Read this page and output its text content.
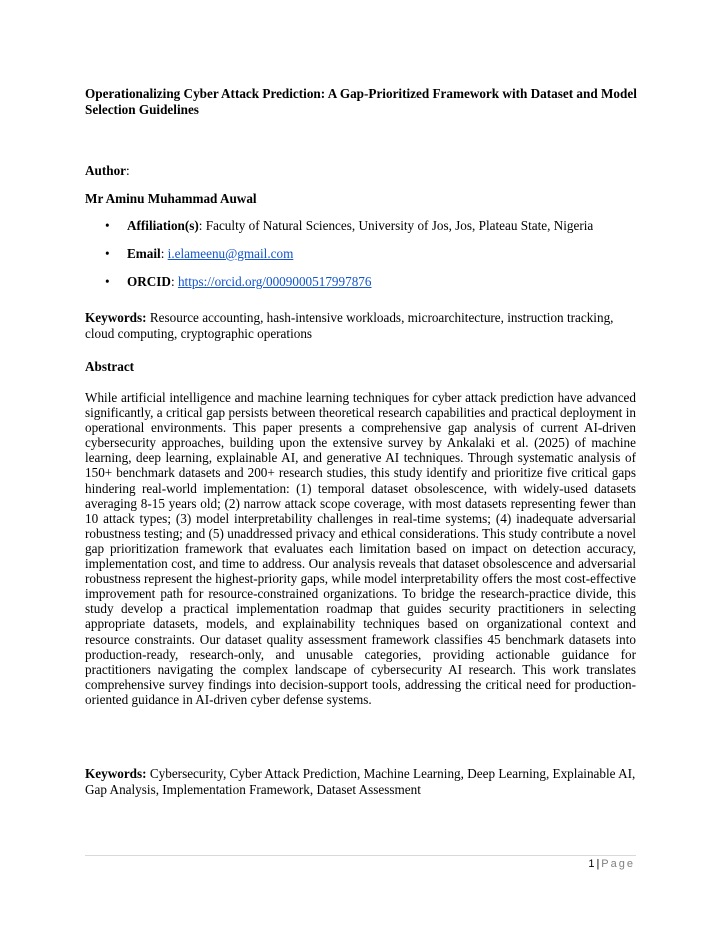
Operationalizing Cyber Attack Prediction: A Gap-Prioritized Framework with Dataset and Model Selection Guidelines
Author:
Mr Aminu Muhammad Auwal
• Affiliation(s): Faculty of Natural Sciences, University of Jos, Jos, Plateau State, Nigeria
• Email: i.elameenu@gmail.com
• ORCID: https://orcid.org/0009000517997876
Keywords: Resource accounting, hash-intensive workloads, microarchitecture, instruction tracking, cloud computing, cryptographic operations
Abstract

While artificial intelligence and machine learning techniques for cyber attack prediction have advanced significantly, a critical gap persists between theoretical research capabilities and practical deployment in operational environments. This paper presents a comprehensive gap analysis of current AI-driven cybersecurity approaches, building upon the extensive survey by Ankalaki et al. (2025) of machine learning, deep learning, explainable AI, and generative AI techniques. Through systematic analysis of 150+ benchmark datasets and 200+ research studies, this study identify and prioritize five critical gaps hindering real-world implementation: (1) temporal dataset obsolescence, with widely-used datasets averaging 8-15 years old; (2) narrow attack scope coverage, with most datasets representing fewer than 10 attack types; (3) model interpretability challenges in real-time systems; (4) inadequate adversarial robustness testing; and (5) unaddressed privacy and ethical considerations. This study contribute a novel gap prioritization framework that evaluates each limitation based on impact on detection accuracy, implementation cost, and time to address. Our analysis reveals that dataset obsolescence and adversarial robustness represent the highest-priority gaps, while model interpretability offers the most cost-effective improvement path for resource-constrained organizations. To bridge the research-practice divide, this study develop a practical implementation roadmap that guides security practitioners in selecting appropriate datasets, models, and explainability techniques based on organizational context and resource constraints. Our dataset quality assessment framework classifies 45 benchmark datasets into production-ready, research-only, and unusable categories, providing actionable guidance for practitioners navigating the complex landscape of cybersecurity AI research. This work translates comprehensive survey findings into decision-support tools, addressing the critical need for production-oriented guidance in AI-driven cyber defense systems.

Keywords: Cybersecurity, Cyber Attack Prediction, Machine Learning, Deep Learning, Explainable AI, Gap Analysis, Implementation Framework, Dataset Assessment
1 | Page
